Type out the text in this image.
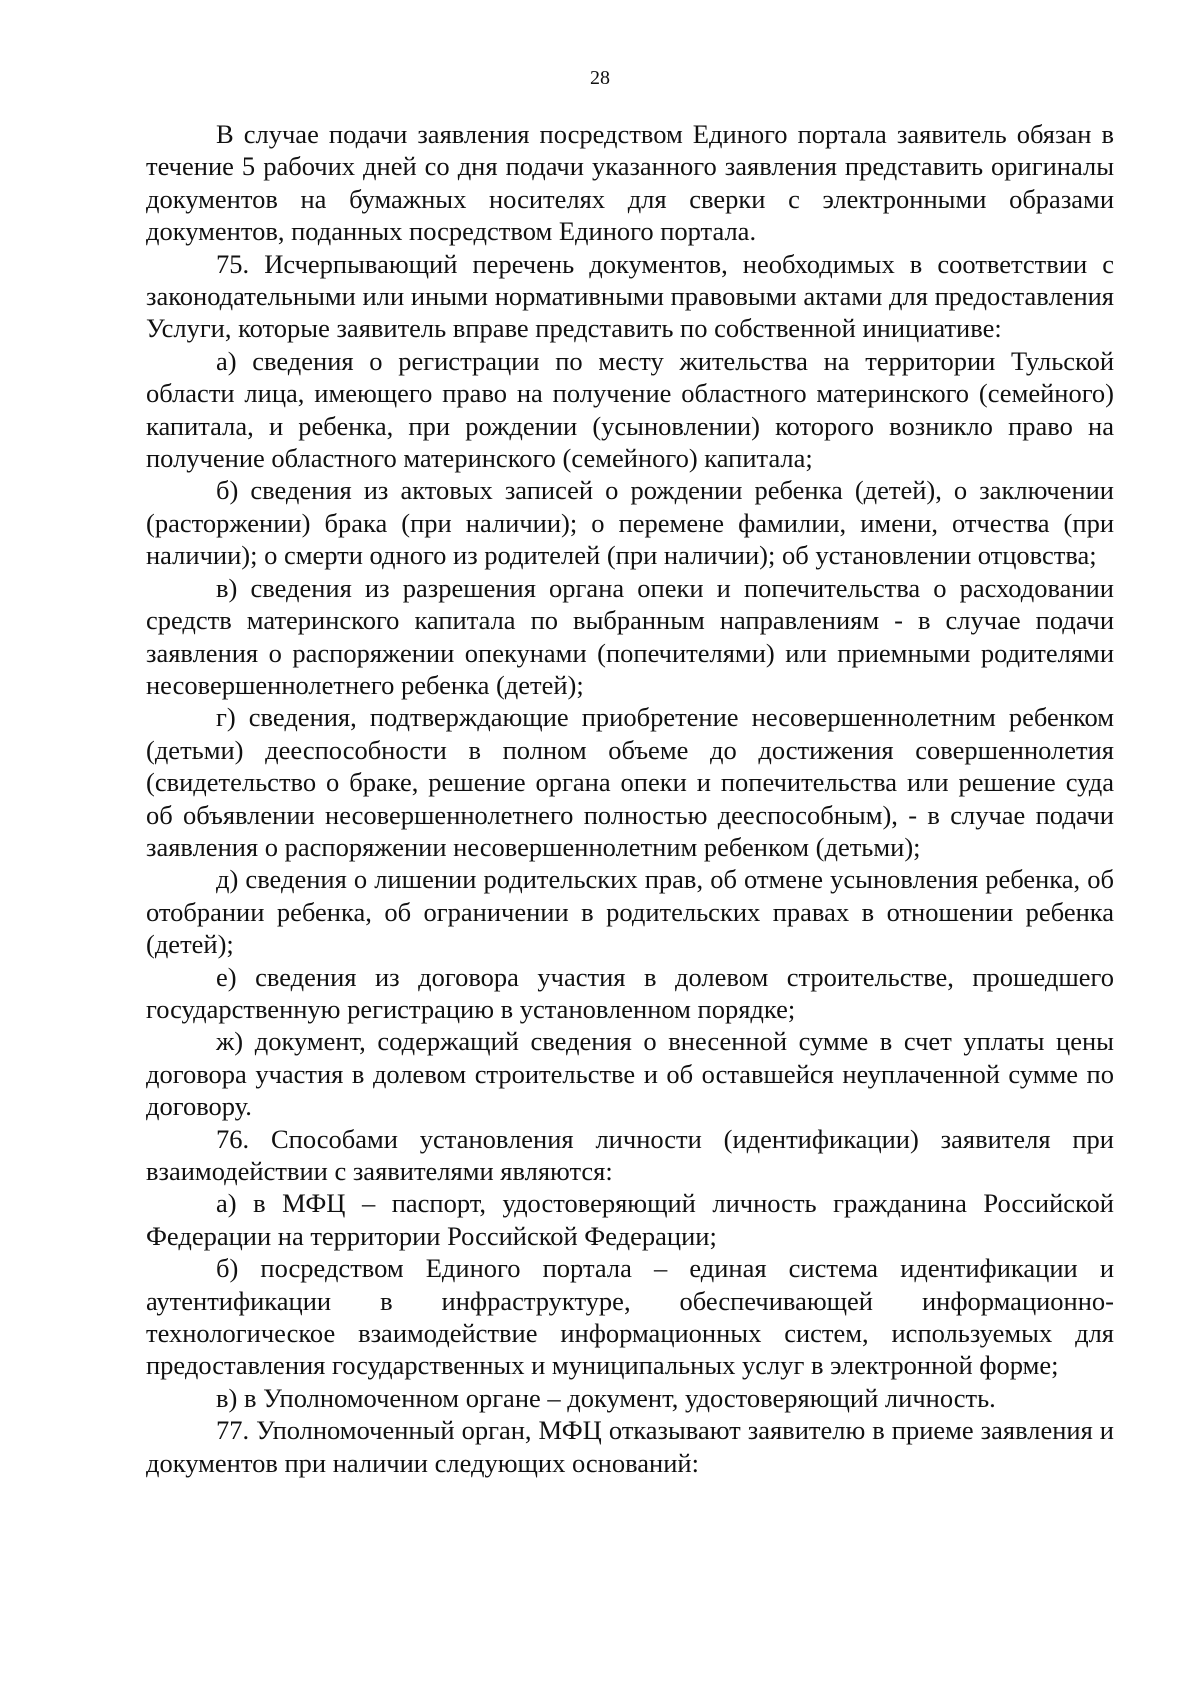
28

В случае подачи заявления посредством Единого портала заявитель обязан в течение 5 рабочих дней со дня подачи указанного заявления представить оригиналы документов на бумажных носителях для сверки с электронными образами документов, поданных посредством Единого портала.

75. Исчерпывающий перечень документов, необходимых в соответствии с законодательными или иными нормативными правовыми актами для предоставления Услуги, которые заявитель вправе представить по собственной инициативе:

а) сведения о регистрации по месту жительства на территории Тульской области лица, имеющего право на получение областного материнского (семейного) капитала, и ребенка, при рождении (усыновлении) которого возникло право на получение областного материнского (семейного) капитала;

б) сведения из актовых записей о рождении ребенка (детей), о заключении (расторжении) брака (при наличии); о перемене фамилии, имени, отчества (при наличии); о смерти одного из родителей (при наличии); об установлении отцовства;

в) сведения из разрешения органа опеки и попечительства о расходовании средств материнского капитала по выбранным направлениям - в случае подачи заявления о распоряжении опекунами (попечителями) или приемными родителями несовершеннолетнего ребенка (детей);

г) сведения, подтверждающие приобретение несовершеннолетним ребенком (детьми) дееспособности в полном объеме до достижения совершеннолетия (свидетельство о браке, решение органа опеки и попечительства или решение суда об объявлении несовершеннолетнего полностью дееспособным), - в случае подачи заявления о распоряжении несовершеннолетним ребенком (детьми);

д) сведения о лишении родительских прав, об отмене усыновления ребенка, об отобрании ребенка, об ограничении в родительских правах в отношении ребенка (детей);

е) сведения из договора участия в долевом строительстве, прошедшего государственную регистрацию в установленном порядке;

ж) документ, содержащий сведения о внесенной сумме в счет уплаты цены договора участия в долевом строительстве и об оставшейся неуплаченной сумме по договору.

76. Способами установления личности (идентификации) заявителя при взаимодействии с заявителями являются:

а) в МФЦ – паспорт, удостоверяющий личность гражданина Российской Федерации на территории Российской Федерации;

б) посредством Единого портала – единая система идентификации и аутентификации в инфраструктуре, обеспечивающей информационно-технологическое взаимодействие информационных систем, используемых для предоставления государственных и муниципальных услуг в электронной форме;

в) в Уполномоченном органе – документ, удостоверяющий личность.

77. Уполномоченный орган, МФЦ отказывают заявителю в приеме заявления и документов при наличии следующих оснований:
